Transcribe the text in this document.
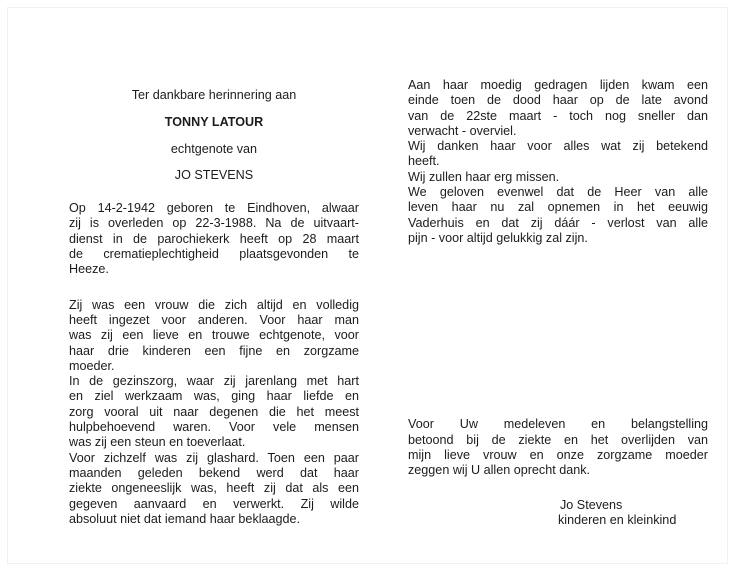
Ter dankbare herinnering aan

TONNY LATOUR

echtgenote van

JO STEVENS

Op 14-2-1942 geboren te Eindhoven, alwaar
zij is overleden op 22-3-1988. Na de uitvaart-
dienst in de parochiekerk heeft op 28 maart
de crematieplechtigheid plaatsgevonden te
Heeze.
Zij was een vrouw die zich altijd en volledig
heeft ingezet voor anderen. Voor haar man
was zij een lieve en trouwe echtgenote, voor
haar drie kinderen een fijne en zorgzame
moeder.
In de gezinszorg, waar zij jarenlang met hart
en ziel werkzaam was, ging haar liefde en
zorg vooral uit naar degenen die het meest
hulpbehoevend waren. Voor vele mensen
was zij een steun en toeverlaat.
Voor zichzelf was zij glashard. Toen een paar
maanden geleden bekend werd dat haar
ziekte ongeneeslijk was, heeft zij dat als een
gegeven aanvaard en verwerkt. Zij wilde
absoluut niet dat iemand haar beklaagde.
Aan haar moedig gedragen lijden kwam een
einde toen de dood haar op de late avond
van de 22ste maart - toch nog sneller dan
verwacht - overviel.
Wij danken haar voor alles wat zij betekend
heeft.
Wij zullen haar erg missen.
We geloven evenwel dat de Heer van alle
leven haar nu zal opnemen in het eeuwig
Vaderhuis en dat zij dáár - verlost van alle
pijn - voor altijd gelukkig zal zijn.
Voor Uw medeleven en belangstelling
betoond bij de ziekte en het overlijden van
mijn lieve vrouw en onze zorgzame moeder
zeggen wij U allen oprecht dank.
Jo Stevens
kinderen en kleinkind
